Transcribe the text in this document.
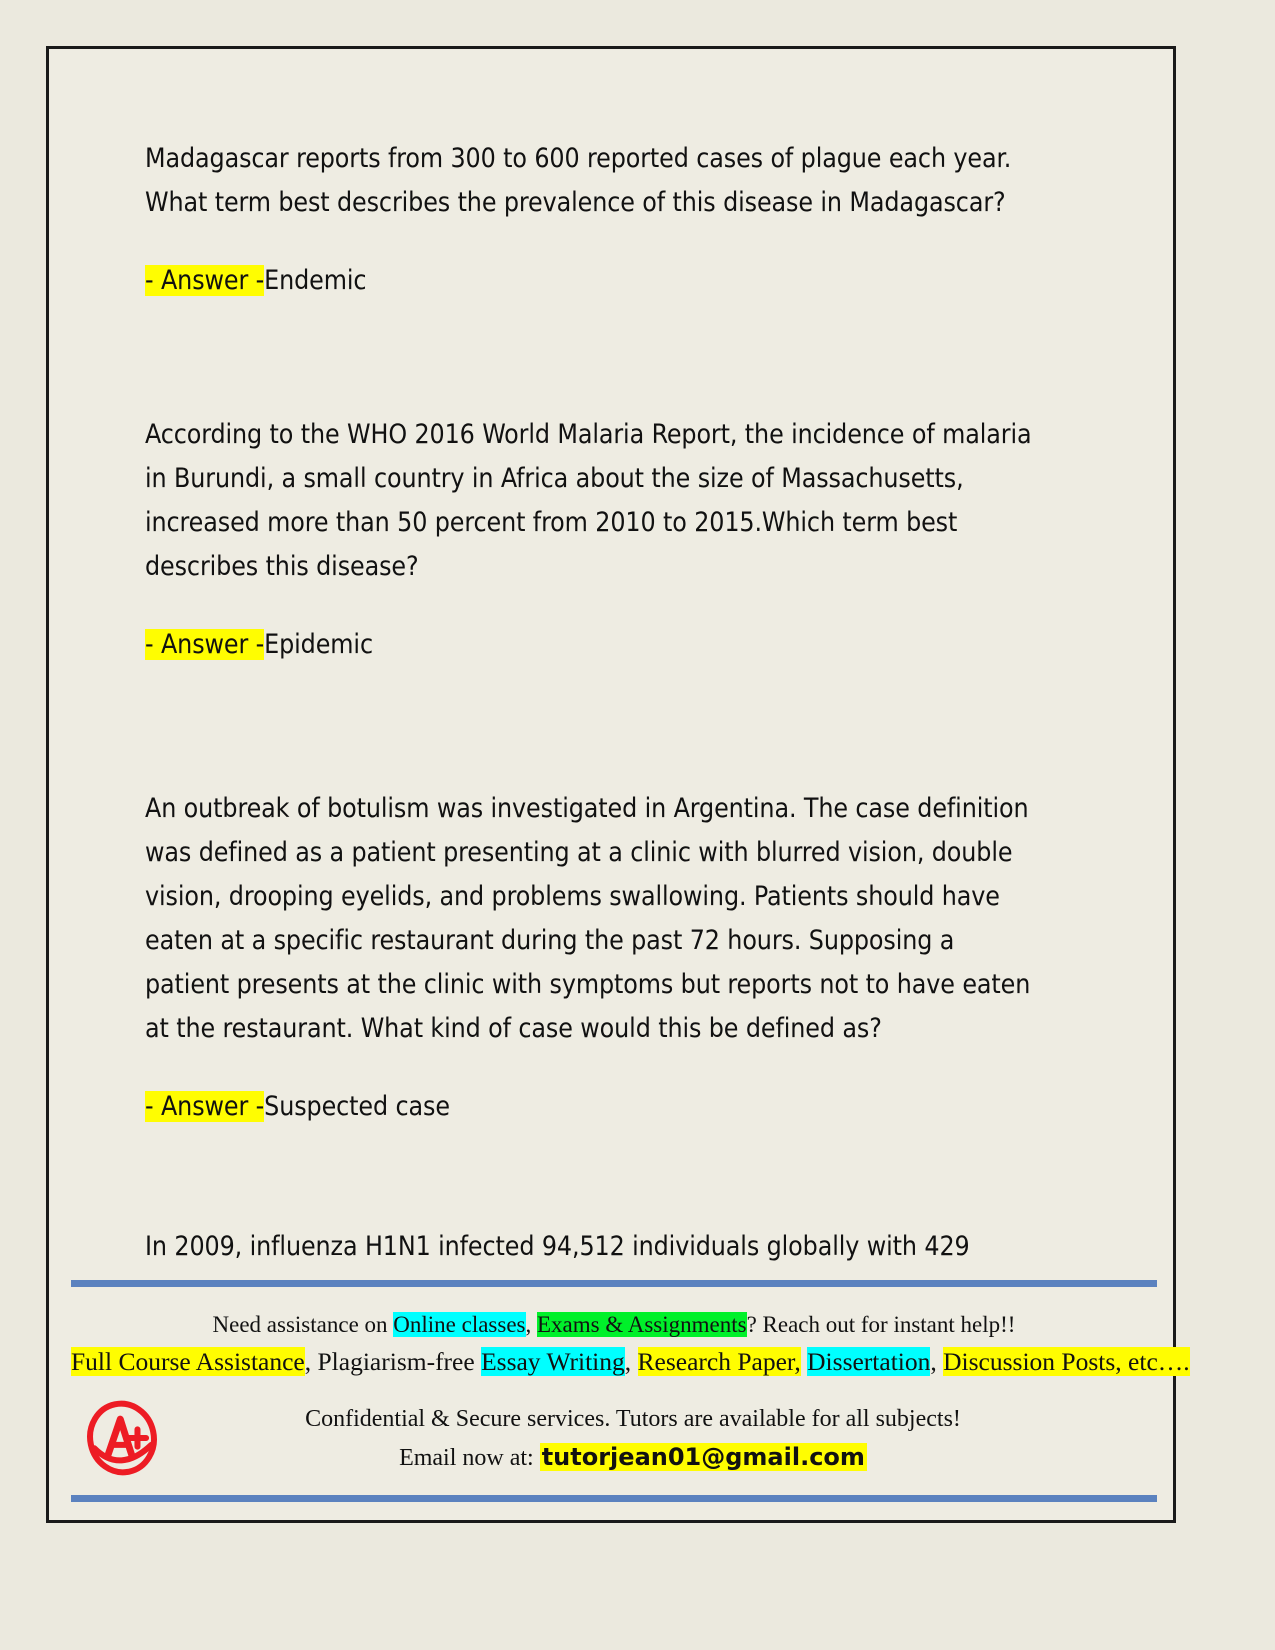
Madagascar reports from 300 to 600 reported cases of plague each year. What term best describes the prevalence of this disease in Madagascar?

- Answer -Endemic

According to the WHO 2016 World Malaria Report, the incidence of malaria in Burundi, a small country in Africa about the size of Massachusetts, increased more than 50 percent from 2010 to 2015.Which term best describes this disease?

- Answer -Epidemic

An outbreak of botulism was investigated in Argentina. The case definition was defined as a patient presenting at a clinic with blurred vision, double vision, drooping eyelids, and problems swallowing. Patients should have eaten at a specific restaurant during the past 72 hours. Supposing a patient presents at the clinic with symptoms but reports not to have eaten at the restaurant. What kind of case would this be defined as?

- Answer -Suspected case

In 2009, influenza H1N1 infected 94,512 individuals globally with 429

Need assistance on Online classes, Exams & Assignments? Reach out for instant help!!
Full Course Assistance, Plagiarism-free Essay Writing, Research Paper, Dissertation, Discussion Posts, etc….
Confidential & Secure services. Tutors are available for all subjects!
Email now at: tutorjean01@gmail.com
